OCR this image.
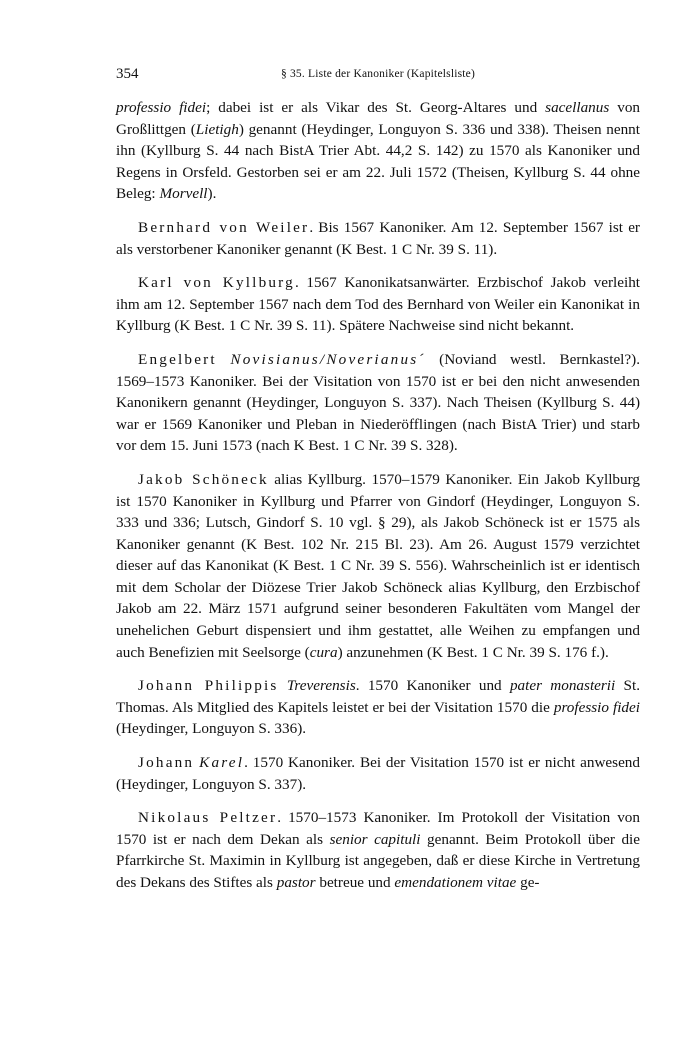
354	§ 35. Liste der Kanoniker (Kapitelsliste)

professio fidei; dabei ist er als Vikar des St. Georg-Altares und sacellanus von Großlittgen (Lietigh) genannt (Heydinger, Longuyon S. 336 und 338). Theisen nennt ihn (Kyllburg S. 44 nach BistA Trier Abt. 44,2 S. 142) zu 1570 als Kanoniker und Regens in Orsfeld. Gestorben sei er am 22. Juli 1572 (Theisen, Kyllburg S. 44 ohne Beleg: Morvell).

Bernhard von Weiler. Bis 1567 Kanoniker. Am 12. September 1567 ist er als verstorbener Kanoniker genannt (K Best. 1 C Nr. 39 S. 11).

Karl von Kyllburg. 1567 Kanonikatsanwärter. Erzbischof Jakob verleiht ihm am 12. September 1567 nach dem Tod des Bernhard von Weiler ein Kanonikat in Kyllburg (K Best. 1 C Nr. 39 S. 11). Spätere Nachweise sind nicht bekannt.

Engelbert Novisianus/Noverianus´ (Noviand westl. Bernkastel?). 1569–1573 Kanoniker. Bei der Visitation von 1570 ist er bei den nicht anwesenden Kanonikern genannt (Heydinger, Longuyon S. 337). Nach Theisen (Kyllburg S. 44) war er 1569 Kanoniker und Pleban in Niederöfflingen (nach BistA Trier) und starb vor dem 15. Juni 1573 (nach K Best. 1 C Nr. 39 S. 328).

Jakob Schöneck alias Kyllburg. 1570–1579 Kanoniker. Ein Jakob Kyllburg ist 1570 Kanoniker in Kyllburg und Pfarrer von Gindorf (Heydinger, Longuyon S. 333 und 336; Lutsch, Gindorf S. 10 vgl. § 29), als Jakob Schöneck ist er 1575 als Kanoniker genannt (K Best. 102 Nr. 215 Bl. 23). Am 26. August 1579 verzichtet dieser auf das Kanonikat (K Best. 1 C Nr. 39 S. 556). Wahrscheinlich ist er identisch mit dem Scholar der Diözese Trier Jakob Schöneck alias Kyllburg, den Erzbischof Jakob am 22. März 1571 aufgrund seiner besonderen Fakultäten vom Mangel der unehelichen Geburt dispensiert und ihm gestattet, alle Weihen zu empfangen und auch Benefizien mit Seelsorge (cura) anzunehmen (K Best. 1 C Nr. 39 S. 176 f.).

Johann Philippis Treverensis. 1570 Kanoniker und pater monasterii St. Thomas. Als Mitglied des Kapitels leistet er bei der Visitation 1570 die professio fidei (Heydinger, Longuyon S. 336).

Johann Karel. 1570 Kanoniker. Bei der Visitation 1570 ist er nicht anwesend (Heydinger, Longuyon S. 337).

Nikolaus Peltzer. 1570–1573 Kanoniker. Im Protokoll der Visitation von 1570 ist er nach dem Dekan als senior capituli genannt. Beim Protokoll über die Pfarrkirche St. Maximin in Kyllburg ist angegeben, daß er diese Kirche in Vertretung des Dekans des Stiftes als pastor betreue und emendationem vitae ge-
